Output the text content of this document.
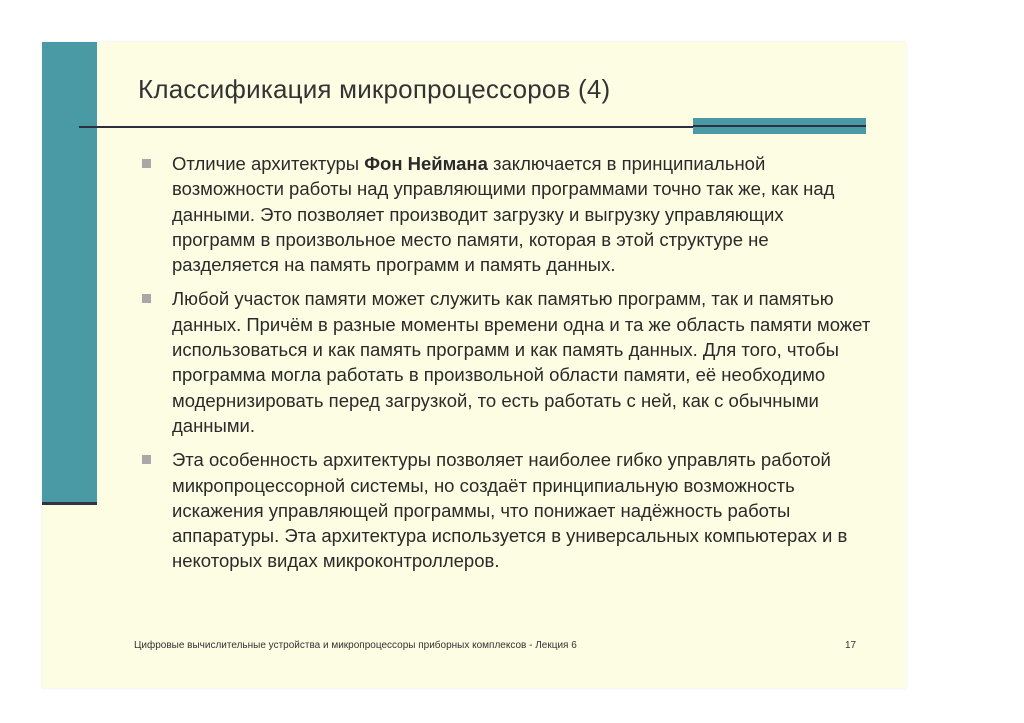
Классификация микропроцессоров (4)
Отличие архитектуры Фон Неймана заключается в принципиальной возможности работы над управляющими программами точно так же, как над данными. Это позволяет производит загрузку и выгрузку управляющих программ в произвольное место памяти, которая в этой структуре не разделяется на память программ и память данных.
Любой участок памяти может служить как памятью программ, так и памятью данных. Причём в разные моменты времени одна и та же область памяти может использоваться и как память программ и как память данных. Для того, чтобы программа могла работать в произвольной области памяти, её необходимо модернизировать перед загрузкой, то есть работать с ней, как с обычными данными.
Эта особенность архитектуры позволяет наиболее гибко управлять работой микропроцессорной системы, но создаёт принципиальную возможность искажения управляющей программы, что понижает надёжность работы аппаратуры. Эта архитектура используется в универсальных компьютерах и в некоторых видах микроконтроллеров.
Цифровые вычислительные устройства и микропроцессоры приборных комплексов - Лекция 6	17
